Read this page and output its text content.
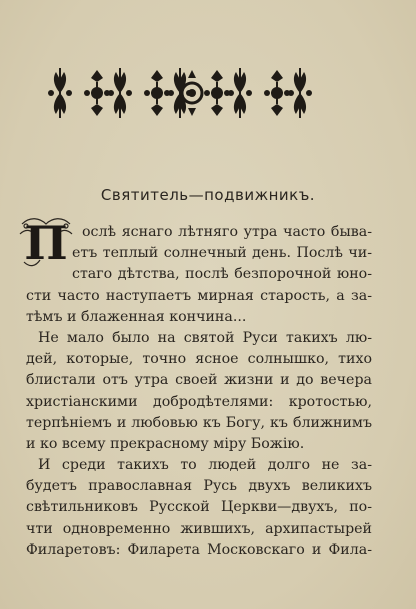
Святитель—подвижникъ.
П	ослѣ яснаго лѣтняго утра часто быва-
етъ теплый солнечный день. Послѣ чи-
стаго дѣтства, послѣ безпорочной юно-
сти часто наступаетъ мирная старость, а за-
тѣмъ и блаженная кончина...
Не мало было на святой Руси такихъ лю-
дей, которые, точно ясное солнышко, тихо
блистали отъ утра своей жизни и до вечера
христіанскими добродѣтелями: кротостью,
терпѣніемъ и любовью къ Богу, къ ближнимъ
и ко всему прекрасному міру Божію.
И среди такихъ то людей долго не за-
будетъ православная Русь двухъ великихъ
свѣтильниковъ Русской Церкви—двухъ, по-
чти одновременно жившихъ, архипастырей
Филаретовъ: Филарета Московскаго и Фила-
